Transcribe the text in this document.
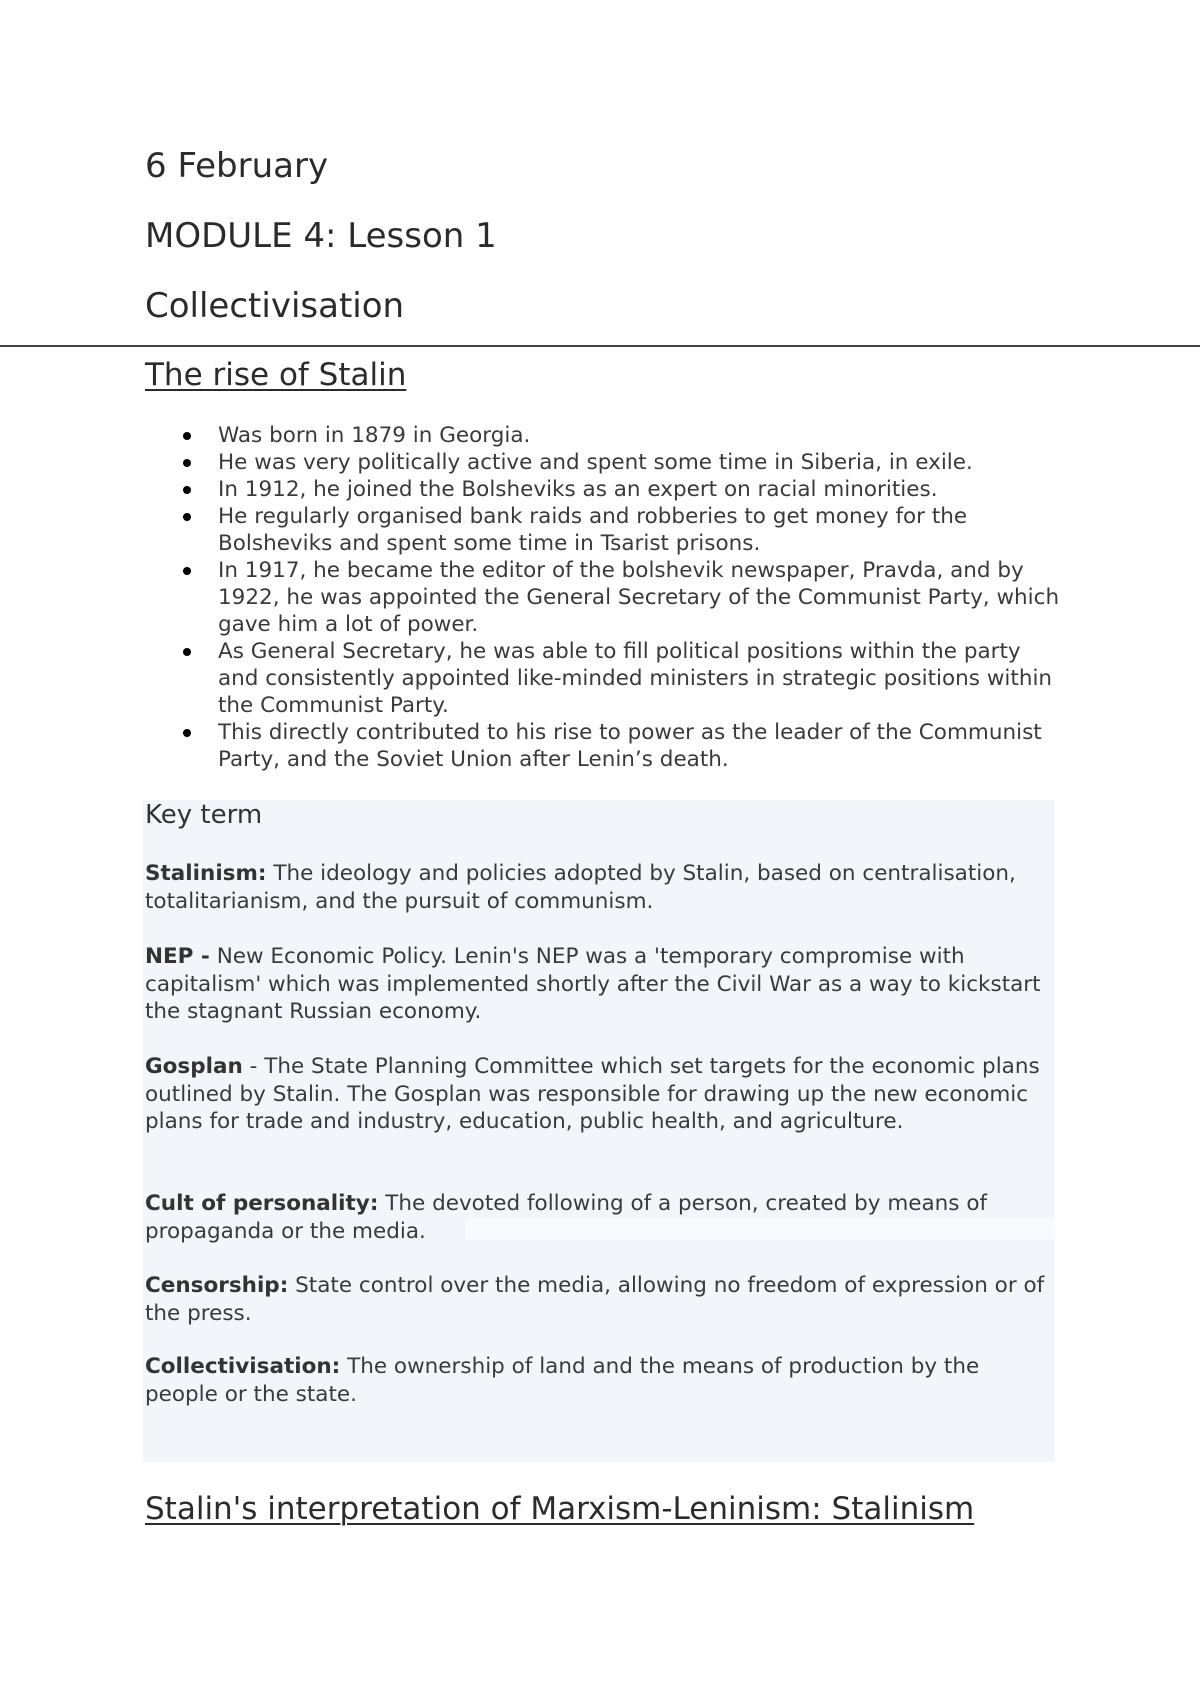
6 February
MODULE 4: Lesson 1
Collectivisation
The rise of Stalin
Was born in 1879 in Georgia.
He was very politically active and spent some time in Siberia, in exile.
In 1912, he joined the Bolsheviks as an expert on racial minorities.
He regularly organised bank raids and robberies to get money for the Bolsheviks and spent some time in Tsarist prisons.
In 1917, he became the editor of the bolshevik newspaper, Pravda, and by 1922, he was appointed the General Secretary of the Communist Party, which gave him a lot of power.
As General Secretary, he was able to fill political positions within the party and consistently appointed like-minded ministers in strategic positions within the Communist Party.
This directly contributed to his rise to power as the leader of the Communist Party, and the Soviet Union after Lenin’s death.
Key term

Stalinism: The ideology and policies adopted by Stalin, based on centralisation, totalitarianism, and the pursuit of communism.

NEP - New Economic Policy. Lenin's NEP was a 'temporary compromise with capitalism' which was implemented shortly after the Civil War as a way to kickstart the stagnant Russian economy.

Gosplan - The State Planning Committee which set targets for the economic plans outlined by Stalin. The Gosplan was responsible for drawing up the new economic plans for trade and industry, education, public health, and agriculture.

Cult of personality: The devoted following of a person, created by means of propaganda or the media.

Censorship: State control over the media, allowing no freedom of expression or of the press.

Collectivisation: The ownership of land and the means of production by the people or the state.

Stalin's interpretation of Marxism-Leninism: Stalinism
